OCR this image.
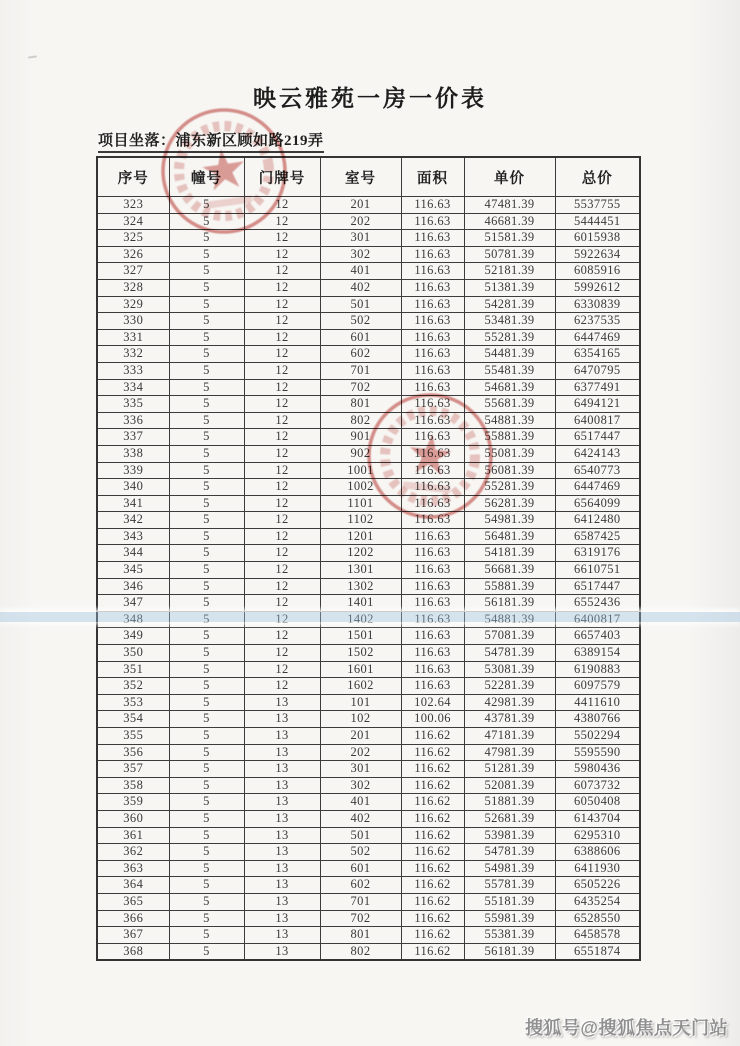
映云雅苑一房一价表
项目坐落：浦东新区顾如路219弄
序号	幢号	门牌号	室号	面积	单价	总价
323	5	12	201	116.63	47481.39	5537755
324	5	12	202	116.63	46681.39	5444451
325	5	12	301	116.63	51581.39	6015938
326	5	12	302	116.63	50781.39	5922634
327	5	12	401	116.63	52181.39	6085916
328	5	12	402	116.63	51381.39	5992612
329	5	12	501	116.63	54281.39	6330839
330	5	12	502	116.63	53481.39	6237535
331	5	12	601	116.63	55281.39	6447469
332	5	12	602	116.63	54481.39	6354165
333	5	12	701	116.63	55481.39	6470795
334	5	12	702	116.63	54681.39	6377491
335	5	12	801	116.63	55681.39	6494121
336	5	12	802	116.63	54881.39	6400817
337	5	12	901	116.63	55881.39	6517447
338	5	12	902	116.63	55081.39	6424143
339	5	12	1001	116.63	56081.39	6540773
340	5	12	1002	116.63	55281.39	6447469
341	5	12	1101	116.63	56281.39	6564099
342	5	12	1102	116.63	54981.39	6412480
343	5	12	1201	116.63	56481.39	6587425
344	5	12	1202	116.63	54181.39	6319176
345	5	12	1301	116.63	56681.39	6610751
346	5	12	1302	116.63	55881.39	6517447
347	5	12	1401	116.63	56181.39	6552436
348	5	12	1402	116.63	54881.39	6400817
349	5	12	1501	116.63	57081.39	6657403
350	5	12	1502	116.63	54781.39	6389154
351	5	12	1601	116.63	53081.39	6190883
352	5	12	1602	116.63	52281.39	6097579
353	5	13	101	102.64	42981.39	4411610
354	5	13	102	100.06	43781.39	4380766
355	5	13	201	116.62	47181.39	5502294
356	5	13	202	116.62	47981.39	5595590
357	5	13	301	116.62	51281.39	5980436
358	5	13	302	116.62	52081.39	6073732
359	5	13	401	116.62	51881.39	6050408
360	5	13	402	116.62	52681.39	6143704
361	5	13	501	116.62	53981.39	6295310
362	5	13	502	116.62	54781.39	6388606
363	5	13	601	116.62	54981.39	6411930
364	5	13	602	116.62	55781.39	6505226
365	5	13	701	116.62	55181.39	6435254
366	5	13	702	116.62	55981.39	6528550
367	5	13	801	116.62	55381.39	6458578
368	5	13	802	116.62	56181.39	6551874
搜狐号@搜狐焦点天门站
